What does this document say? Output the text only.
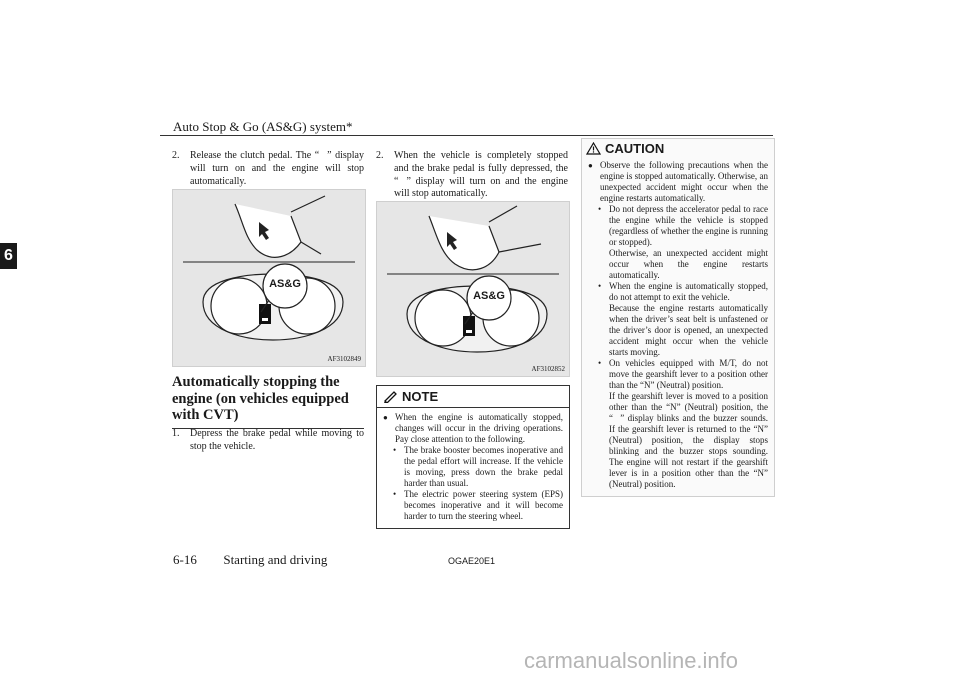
Auto Stop & Go (AS&G) system*
6
2.	Release the clutch pedal. The “    ” display will turn on and the engine will stop automatically.
AS&G
AF3102849
Automatically stopping the engine (on vehicles equipped with CVT)
1.	Depress the brake pedal while moving to stop the vehicle.
2.	When the vehicle is completely stopped and the brake pedal is fully depressed, the “    ” display will turn on and the engine will stop automatically.
AS&G
AF3102852
NOTE
● When the engine is automatically stopped, changes will occur in the driving operations. Pay close attention to the following.
• The brake booster becomes inoperative and the pedal effort will increase. If the vehicle is moving, press down the brake pedal harder than usual.

• The electric power steering system (EPS) becomes inoperative and it will become harder to turn the steering wheel.

CAUTION
● Observe the following precautions when the engine is stopped automatically. Otherwise, an unexpected accident might occur when the engine restarts automatically.
• Do not depress the accelerator pedal to race the engine while the vehicle is stopped (regardless of whether the engine is running or stopped).

Otherwise, an unexpected accident might occur when the engine restarts automatically.

• When the engine is automatically stopped, do not attempt to exit the vehicle.

Because the engine restarts automatically when the driver’s seat belt is unfastened or the driver’s door is opened, an unexpected accident might occur when the vehicle starts moving.

• On vehicles equipped with M/T, do not move the gearshift lever to a position other than the “N” (Neutral) position.

If the gearshift lever is moved to a position other than the “N” (Neutral) position, the “    ” display blinks and the buzzer sounds. If the gearshift lever is returned to the “N” (Neutral) position, the display stops blinking and the buzzer stops sounding. The engine will not restart if the gearshift lever is in a position other than the “N” (Neutral) position.

6-16 Starting and driving	OGAE20E1
carmanualsonline.info
